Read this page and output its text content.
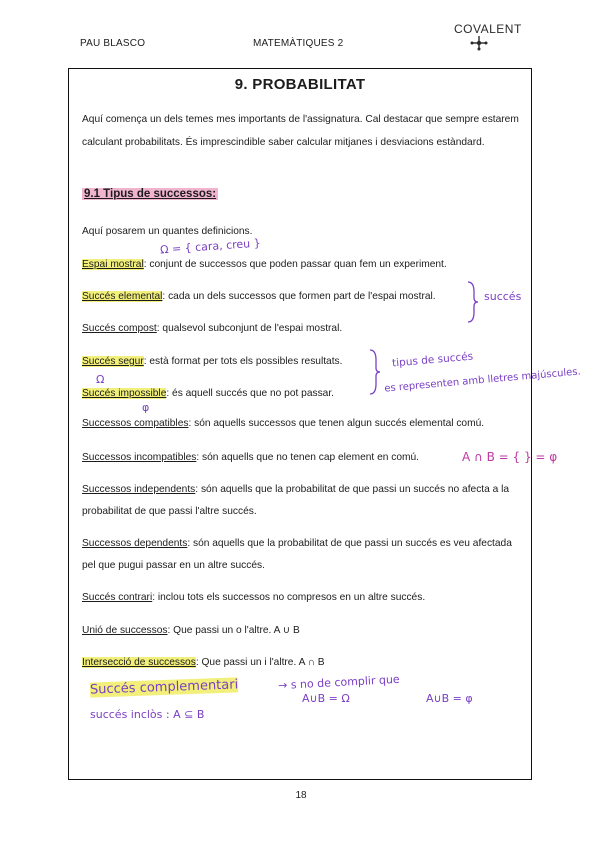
PAU BLASCO	MATEMÀTIQUES 2
COVALENT
9. PROBABILITAT
Aquí comença un dels temes mes importants de l'assignatura. Cal destacar que sempre estarem calculant probabilitats. És imprescindible saber calcular mitjanes i desviacions estàndard.
9.1 Tipus de successos:
Aquí posarem un quantes definicions.
Espai mostral: conjunt de successos que poden passar quan fem un experiment.
Succés elemental: cada un dels successos que formen part de l'espai mostral.
Succés compost: qualsevol subconjunt de l'espai mostral.
Succés segur: està format per tots els possibles resultats.
Succés impossible: és aquell succés que no pot passar.
Successos compatibles: són aquells successos que tenen algun succés elemental comú.
Successos incompatibles: són aquells que no tenen cap element en comú.
Successos independents: són aquells que la probabilitat de que passi un succés no afecta a la probabilitat de que passi l'altre succés.
Successos dependents: són aquells que la probabilitat de que passi un succés es veu afectada pel que pugui passar en un altre succés.
Succés contrari: inclou tots els successos no compresos en un altre succés.
Unió de successos: Que passi un o l'altre. A ∪ B
Intersecció de successos: Que passi un i l'altre. A ∩ B
Ω = { cara, creu }
succés
tipus de succés
es representen amb lletres majúscules.
Ω
φ
A ∩ B = { } = φ
Succés complementari	→ s no de complir que
A∪B = Ω	A∪B = φ
succés inclòs : A ⊆ B
18
